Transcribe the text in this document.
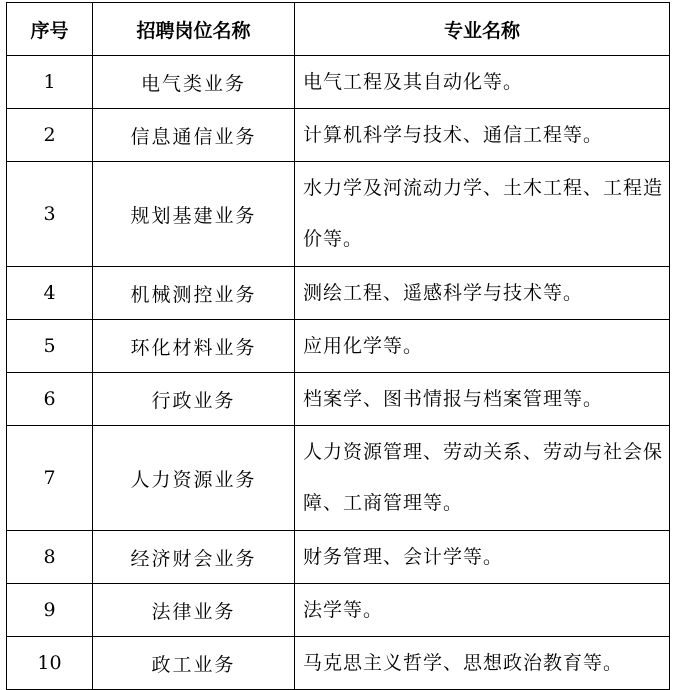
序号	招聘岗位名称	专业名称
1	电气类业务	电气工程及其自动化等。
2	信息通信业务	计算机科学与技术、通信工程等。
3	规划基建业务	水力学及河流动力学、土木工程、工程造价等。
4	机械测控业务	测绘工程、遥感科学与技术等。
5	环化材料业务	应用化学等。
6	行政业务	档案学、图书情报与档案管理等。
7	人力资源业务	人力资源管理、劳动关系、劳动与社会保障、工商管理等。
8	经济财会业务	财务管理、会计学等。
9	法律业务	法学等。
10	政工业务	马克思主义哲学、思想政治教育等。
